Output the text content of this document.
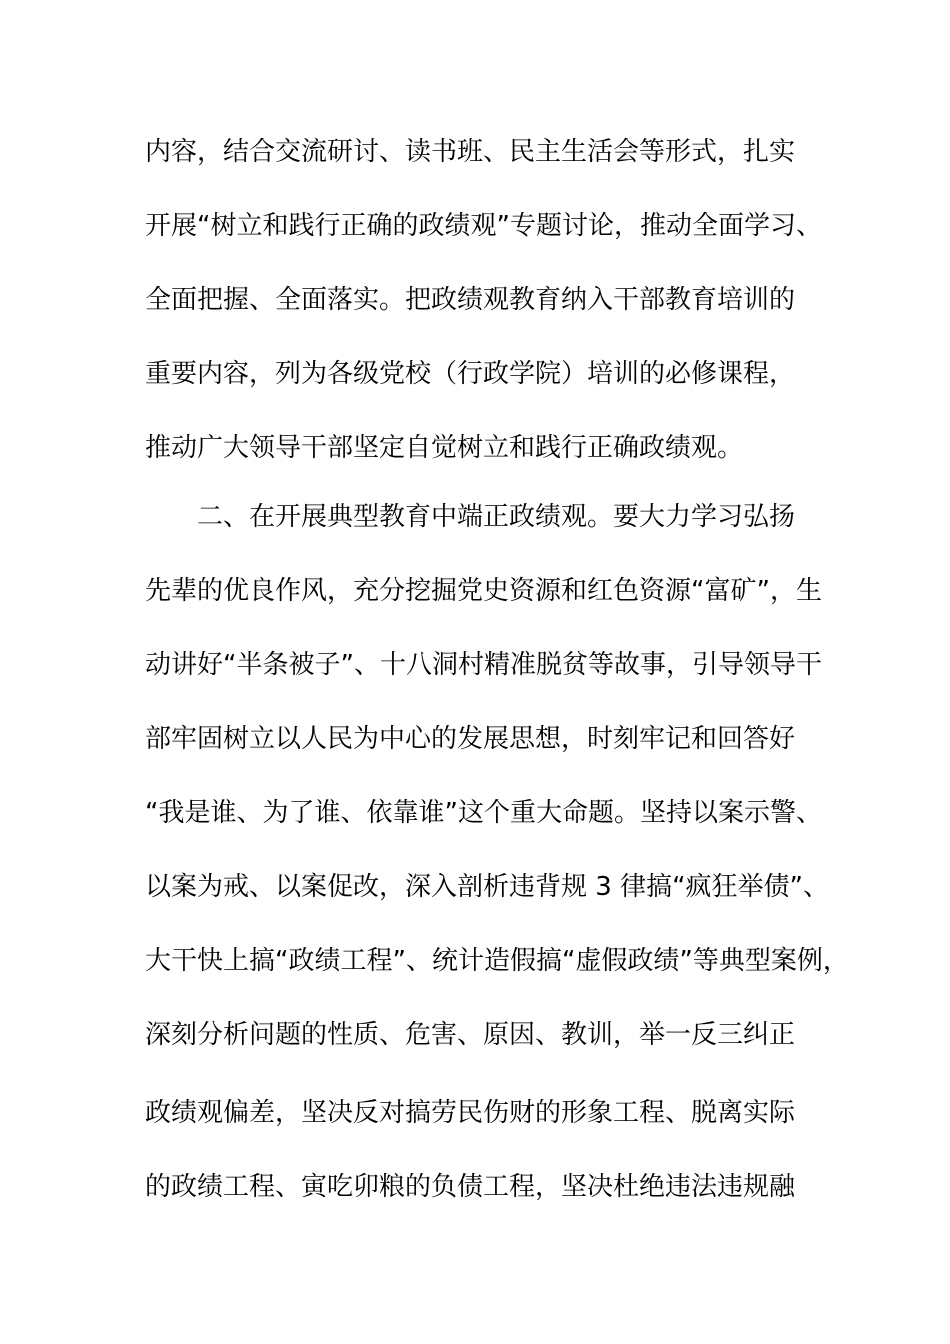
内容，结合交流研讨、读书班、民主生活会等形式，扎实
开展“树立和践行正确的政绩观”专题讨论，推动全面学习、
全面把握、全面落实。把政绩观教育纳入干部教育培训的
重要内容，列为各级党校（行政学院）培训的必修课程，
推动广大领导干部坚定自觉树立和践行正确政绩观。
二、在开展典型教育中端正政绩观。要大力学习弘扬
先辈的优良作风，充分挖掘党史资源和红色资源“富矿”，生
动讲好“半条被子”、十八洞村精准脱贫等故事，引导领导干
部牢固树立以人民为中心的发展思想，时刻牢记和回答好
“我是谁、为了谁、依靠谁”这个重大命题。坚持以案示警、
以案为戒、以案促改，深入剖析违背规 3 律搞“疯狂举债”、
大干快上搞“政绩工程”、统计造假搞“虚假政绩”等典型案例，
深刻分析问题的性质、危害、原因、教训，举一反三纠正
政绩观偏差，坚决反对搞劳民伤财的形象工程、脱离实际
的政绩工程、寅吃卯粮的负债工程，坚决杜绝违法违规融
